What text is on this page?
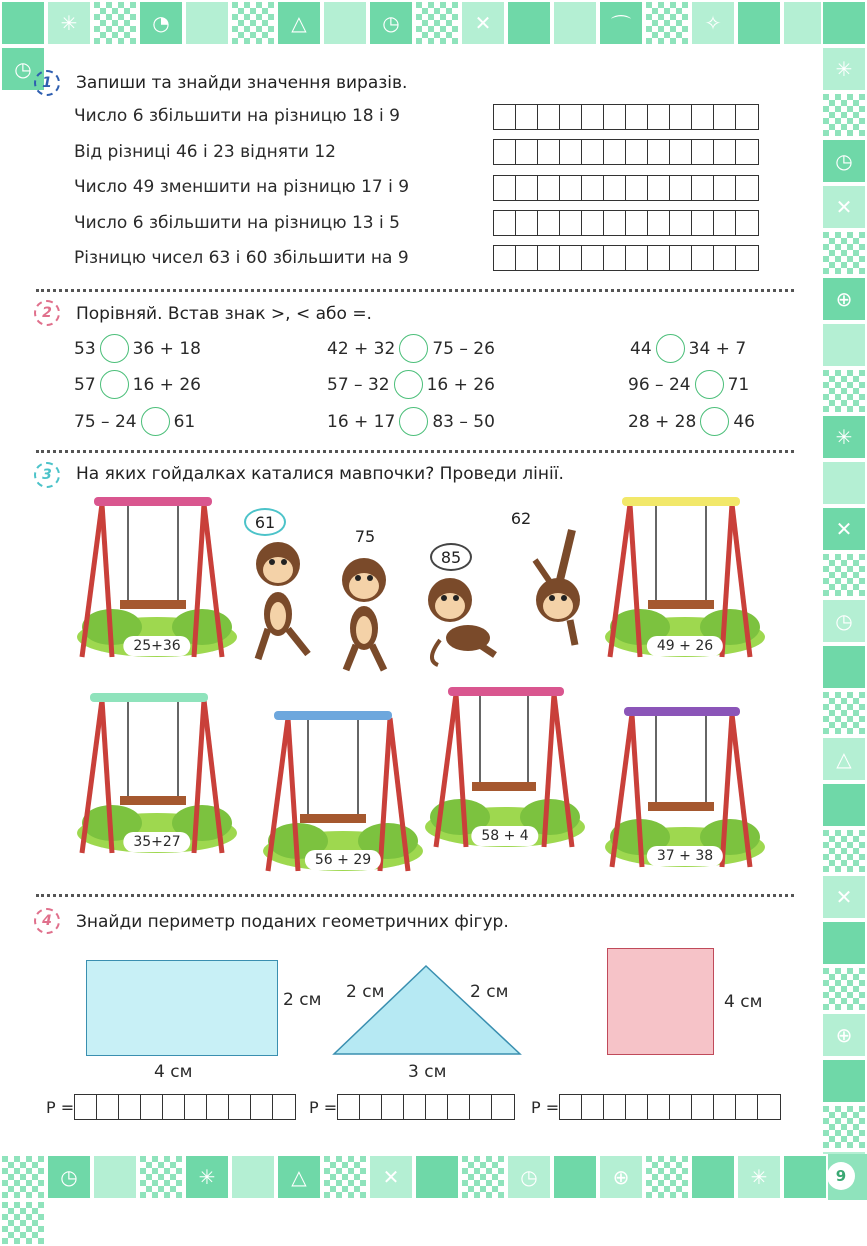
✳	◔	△	◷	✕	⌒	✧
◷	✳
◷
✕
⊕
✳
✕
◷
△
✕
⊕
◷	✳	△	✕	◷	⊕	✳	9
1	Запиши та знайди значення виразів.
Число 6 збільшити на різницю 18 і 9
Від різниці 46 і 23 відняти 12
Число 49 зменшити на різницю 17 і 9
Число 6 збільшити на різницю 13 і 5
Різницю чисел 63 і 60 збільшити на 9
2	Порівняй. Встав знак >, < або =.
53 36 + 18	42 + 32 75 – 26	44 34 + 7
57 16 + 26	57 – 32 16 + 26	96 – 24 71
75 – 24 61	16 + 17 83 – 50	28 + 28 46
3	На яких гойдалках каталися мавпочки? Проведи лінії.
25+36	49 + 26
61
75
85
62
35+27
56 + 29
58 + 4
37 + 38
4	Знайди периметр поданих геометричних фігур.
2 см
4 см
2 см	2 см
3 см
4 см
Р =	Р =	Р =
